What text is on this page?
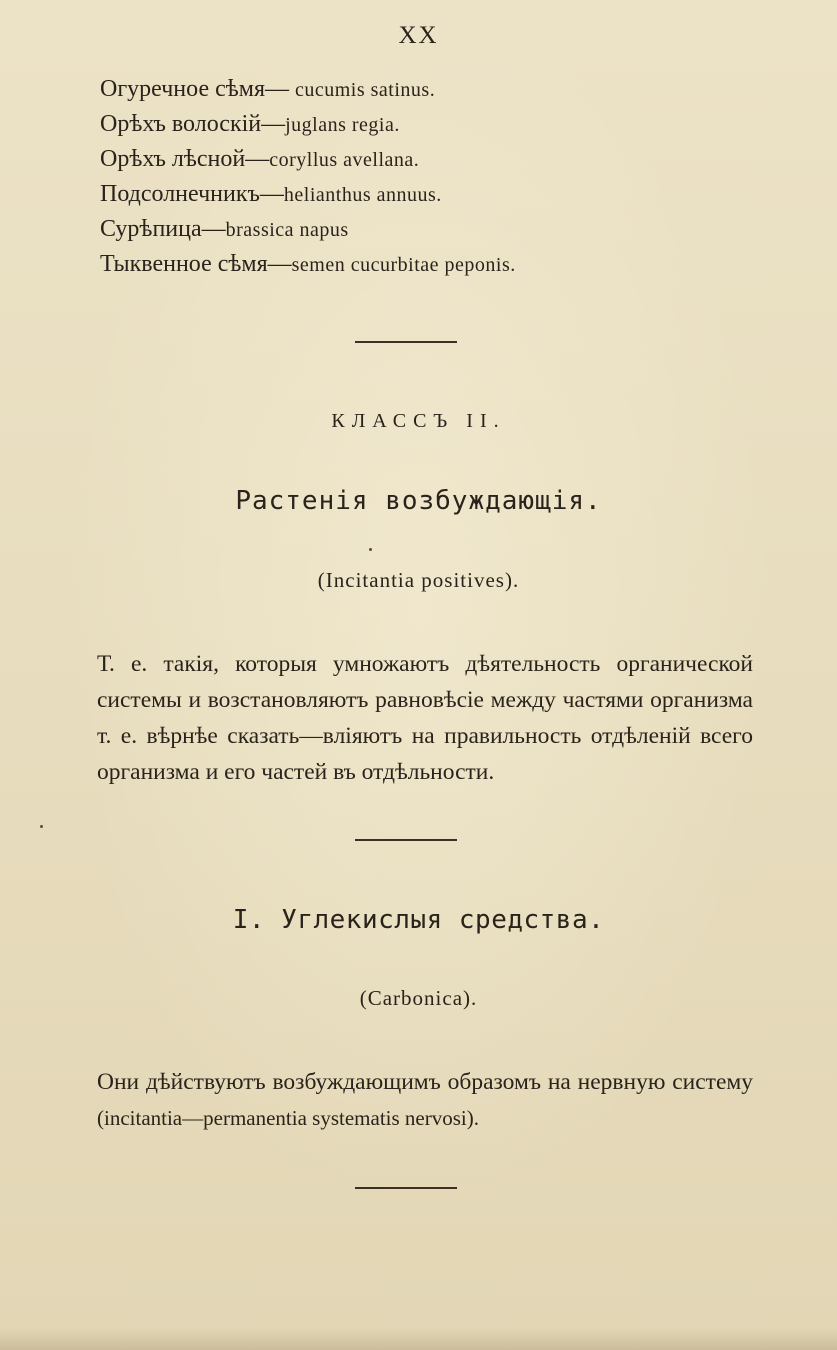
XX
Огуречное сѣмя— cucumis satinus.
Орѣхъ волоскій—juglans regia.
Орѣхъ лѣсной—coryllus avellana.
Подсолнечникъ—helianthus annuus.
Сурѣпица—brassica napus
Тыквенное сѣмя—semen cucurbitae peponis.
КЛАССЪ II.
Растенія возбуждающія.
(Incitantia positives).
Т. е. такія, которыя умножаютъ дѣятельность органической системы и возстановляютъ равновѣсіе между частями организма т. е. вѣрнѣе сказать—вліяютъ на правильность отдѣленій всего организма и его частей въ отдѣльности.
I. Углекислыя средства.
(Carbonica).
Они дѣйствуютъ возбуждающимъ образомъ на нервную систему (incitantia—permanentia systematis nervosi).
